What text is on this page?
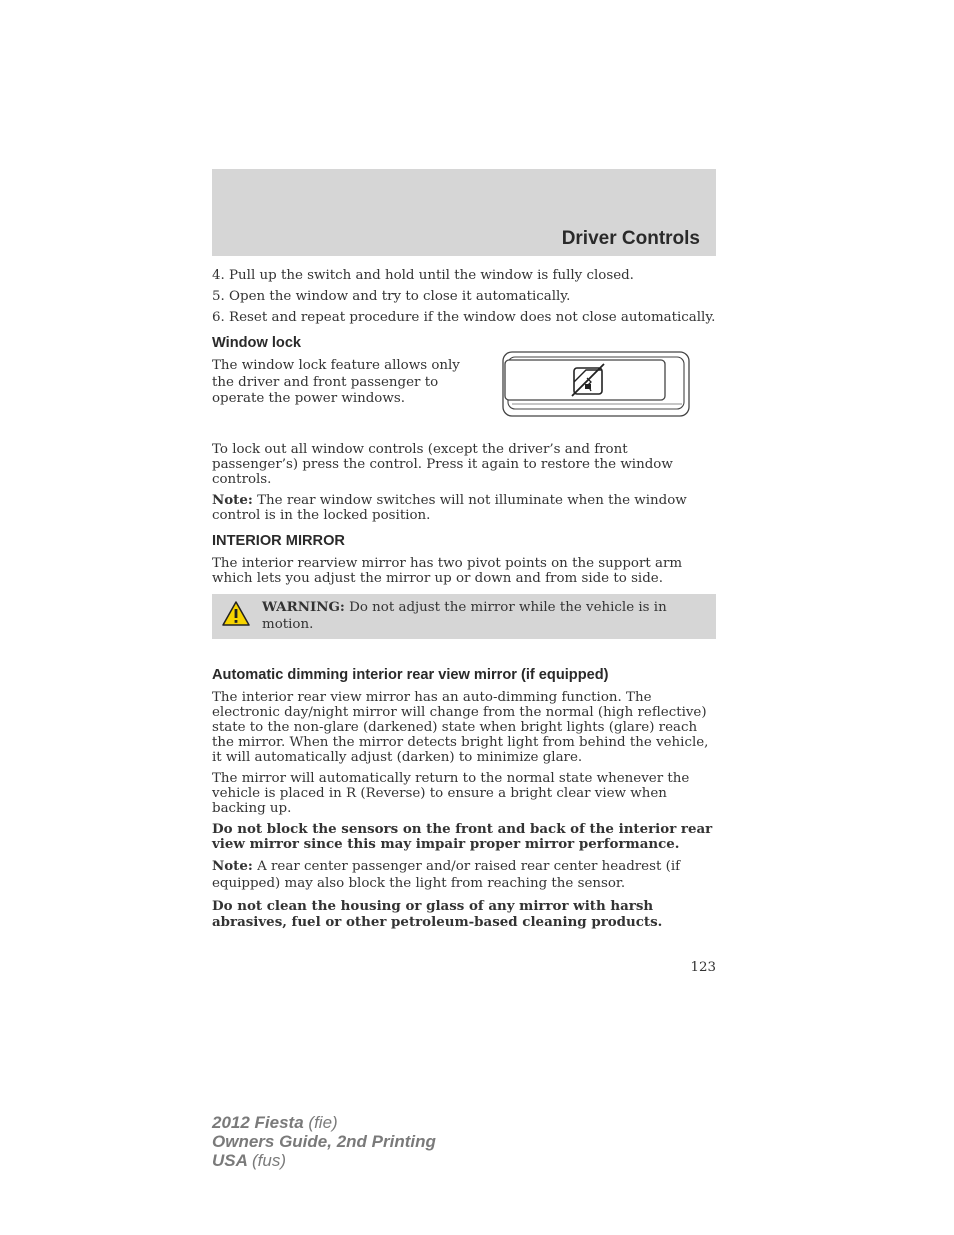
Driver Controls

4. Pull up the switch and hold until the window is fully closed.

5. Open the window and try to close it automatically.

6. Reset and repeat procedure if the window does not close automatically.

Window lock

The window lock feature allows only the driver and front passenger to operate the power windows.

To lock out all window controls (except the driver’s and front passenger’s) press the control. Press it again to restore the window controls.

Note: The rear window switches will not illuminate when the window control is in the locked position.

INTERIOR MIRROR

The interior rearview mirror has two pivot points on the support arm which lets you adjust the mirror up or down and from side to side.

WARNING: Do not adjust the mirror while the vehicle is in motion.

Automatic dimming interior rear view mirror (if equipped)

The interior rear view mirror has an auto-dimming function. The electronic day/night mirror will change from the normal (high reflective) state to the non-glare (darkened) state when bright lights (glare) reach the mirror. When the mirror detects bright light from behind the vehicle, it will automatically adjust (darken) to minimize glare.

The mirror will automatically return to the normal state whenever the vehicle is placed in R (Reverse) to ensure a bright clear view when backing up.

Do not block the sensors on the front and back of the interior rear view mirror since this may impair proper mirror performance.

Note: A rear center passenger and/or raised rear center headrest (if equipped) may also block the light from reaching the sensor.

Do not clean the housing or glass of any mirror with harsh abrasives, fuel or other petroleum-based cleaning products.

123
2012 Fiesta (fie)
Owners Guide, 2nd Printing
USA (fus)
